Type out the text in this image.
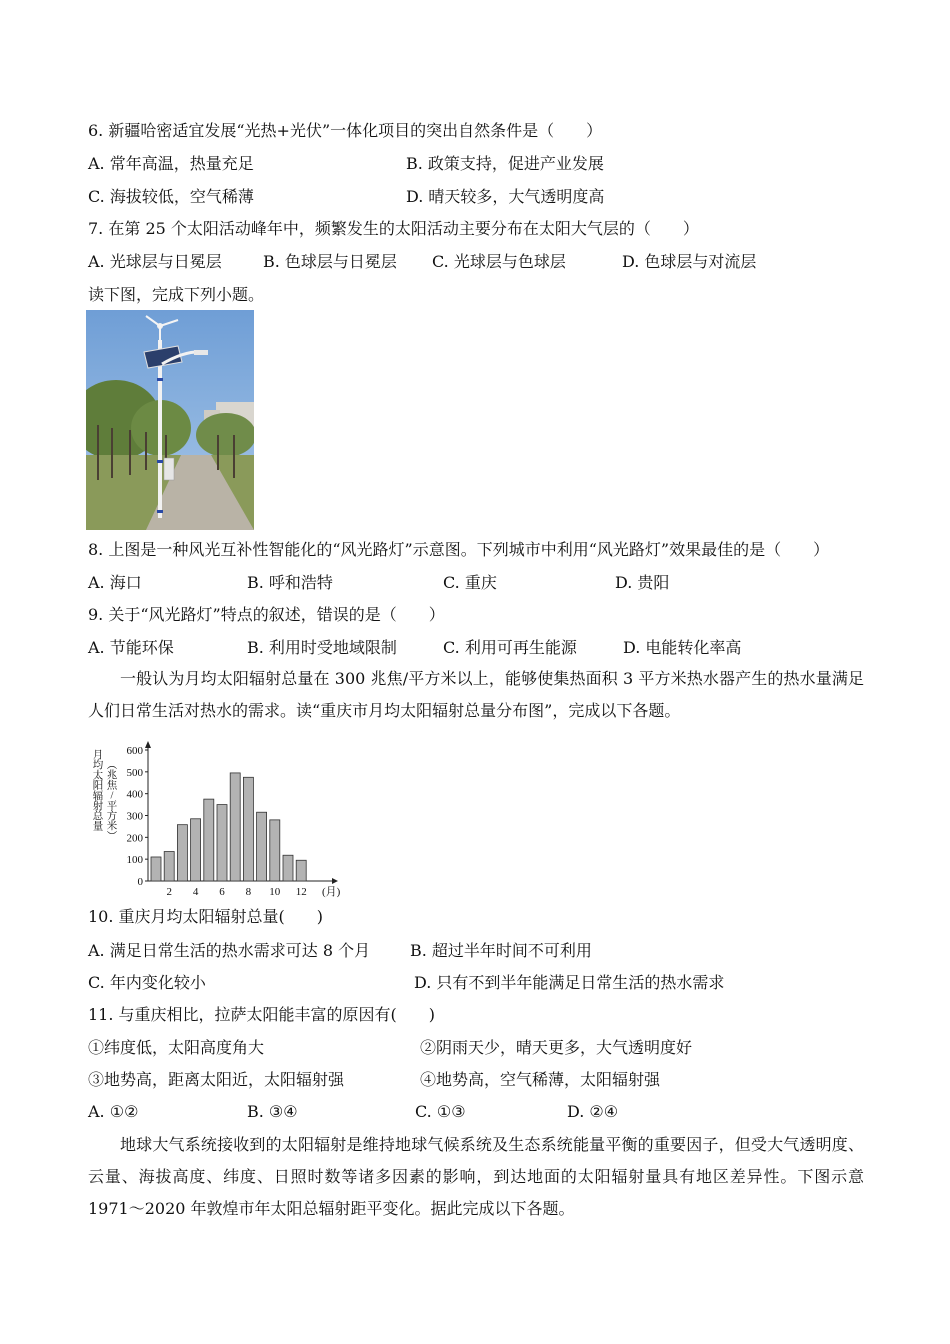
6. 新疆哈密适宜发展“光热+光伏”一体化项目的突出自然条件是（　　）
A. 常年高温，热量充足	B. 政策支持，促进产业发展
C. 海拔较低，空气稀薄	D. 晴天较多，大气透明度高
7. 在第 25 个太阳活动峰年中，频繁发生的太阳活动主要分布在太阳大气层的（　　）
A. 光球层与日冕层	B. 色球层与日冕层 C. 光球层与色球层	D. 色球层与对流层
读下图，完成下列小题。
8. 上图是一种风光互补性智能化的“风光路灯”示意图。下列城市中利用“风光路灯”效果最佳的是（　　）
A. 海口	B. 呼和浩特	C. 重庆	D. 贵阳
9. 关于“风光路灯”特点的叙述，错误的是（　　）
A. 节能环保	B. 利用时受地域限制	C. 利用可再生能源	D. 电能转化率高
一般认为月均太阳辐射总量在 300 兆焦/平方米以上，能够使集热面积 3 平方米热水器产生的热水量满足人们日常生活对热水的需求。读“重庆市月均太阳辐射总量分布图”，完成以下各题。
月
均
太
阳
辐
射
总
量
︵
兆
焦
/
平
方
米
︶
0
100
200
300
400
500
600
2 4 6 8 10 12 (月)
10. 重庆月均太阳辐射总量(　　)
A. 满足日常生活的热水需求可达 8 个月 B. 超过半年时间不可利用
C. 年内变化较小	D. 只有不到半年能满足日常生活的热水需求
11. 与重庆相比，拉萨太阳能丰富的原因有(　　)
①纬度低，太阳高度角大	②阴雨天少，晴天更多，大气透明度好
③地势高，距离太阳近，太阳辐射强	④地势高，空气稀薄，太阳辐射强
A. ①②	B. ③④	C. ①③	D. ②④
地球大气系统接收到的太阳辐射是维持地球气候系统及生态系统能量平衡的重要因子，但受大气透明度、云量、海拔高度、纬度、日照时数等诸多因素的影响，到达地面的太阳辐射量具有地区差异性。下图示意 1971～2020 年敦煌市年太阳总辐射距平变化。据此完成以下各题。
